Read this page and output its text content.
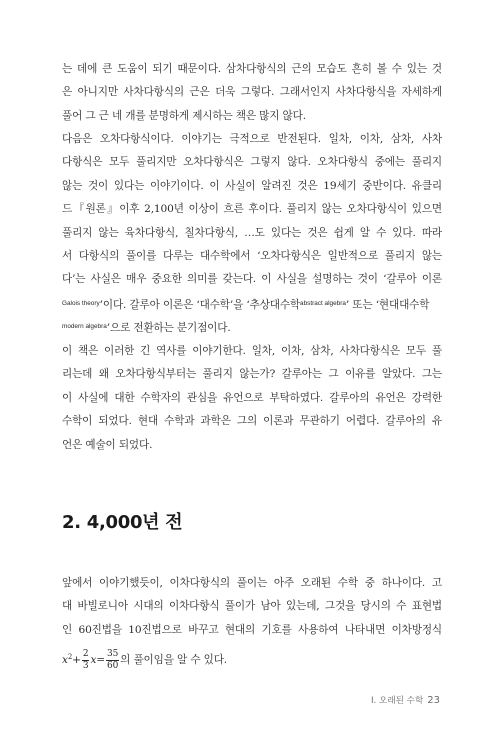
는 데에 큰 도움이 되기 때문이다. 삼차다항식의 근의 모습도 흔히 볼 수 있는 것
은 아니지만 사차다항식의 근은 더욱 그렇다. 그래서인지 사차다항식을 자세하게
풀어 그 근 네 개를 분명하게 제시하는 책은 많지 않다.
다음은 오차다항식이다. 이야기는 극적으로 반전된다. 일차, 이차, 삼차, 사차
다항식은 모두 풀리지만 오차다항식은 그렇지 않다. 오차다항식 중에는 풀리지
않는 것이 있다는 이야기이다. 이 사실이 알려진 것은 19세기 중반이다. 유클리
드『원론』이후 2,100년 이상이 흐른 후이다. 풀리지 않는 오차다항식이 있으면
풀리지 않는 육차다항식, 칠차다항식, …도 있다는 것은 쉽게 알 수 있다. 따라
서 다항식의 풀이를 다루는 대수학에서 ‘오차다항식은 일반적으로 풀리지 않는
다’는 사실은 매우 중요한 의미를 갖는다. 이 사실을 설명하는 것이 ‘갈루아 이론
$^{Galois theory}$’이다. 갈루아 이론은 ‘대수학’을 ‘추상대수학$^{abstract algebra}$’ 또는 ‘현대대수학
$^{modern algebra}$’으로 전환하는 분기점이다.
이 책은 이러한 긴 역사를 이야기한다. 일차, 이차, 삼차, 사차다항식은 모두 풀
리는데 왜 오차다항식부터는 풀리지 않는가? 갈루아는 그 이유를 알았다. 그는
이 사실에 대한 수학자의 관심을 유언으로 부탁하였다. 갈루아의 유언은 강력한
수학이 되었다. 현대 수학과 과학은 그의 이론과 무관하기 어렵다. 갈루아의 유
언은 예술이 되었다.
2. 4,000년 전
앞에서 이야기했듯이, 이차다항식의 풀이는 아주 오래된 수학 중 하나이다. 고
대 바빌로니아 시대의 이차다항식 풀이가 남아 있는데, 그것을 당시의 수 표현법
인 60진법을 10진법으로 바꾸고 현대의 기호를 사용하여 나타내면 이차방정식
$x^2+ \frac{2}{3} x= \frac{35}{60}$ 의 풀이임을 알 수 있다.
I. 오래된 수학 23
